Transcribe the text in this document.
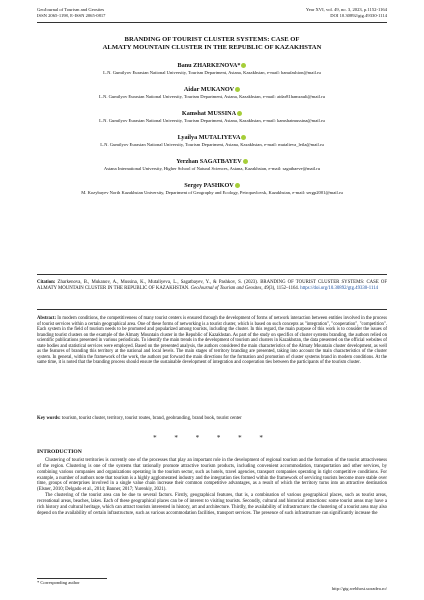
GeoJournal of Tourism and Geosites
ISSN 2065-1198, E-ISSN 2065-0817
Year XVI, vol. 49, no. 3, 2023, p.1152-1164
DOI 10.30892/gtg.49330-1114
BRANDING OF TOURIST CLUSTER SYSTEMS: CASE OF
ALMATY MOUNTAIN CLUSTER IN THE REPUBLIC OF KAZAKHSTAN
Banu ZHARKENOVA*
L.N. Gumilyov Eurasian National University, Tourism Department, Astana, Kazakhstan, e-mail: banufashion@mail.ru
Aidar MUKANOV
L.N. Gumilyov Eurasian National University, Tourism Department, Astana, Kazakhstan, e-mail: aidar81hamzauli@mail.ru
Kamshat MUSSINA
L.N. Gumilyov Eurasian National University, Tourism Department, Astana, Kazakhstan, e-mail: kamshatmussina@mail.ru
Lyailya MUTALIYEVA
L.N. Gumilyov Eurasian National University, Tourism Department, Astana, Kazakhstan, e-mail: mutalieva_leila@mail.ru
Yerzhan SAGATBAYEV
Astana International University, Higher School of Natural Sciences, Astana, Kazakhstan, e-mail: sagatbaeve@mail.ru
Sergey PASHKOV
M. Kozybayev North Kazakhstan University, Department of Geography and Ecology, Petropavlovsk, Kazakhstan, e-mail: sergp2001@mail.ru
Citation: Zharkenova, B., Mukanov, A., Mussina, K., Mutaliyeva, L., Sagatbayev, Y., & Pashkov, S. (2023). BRANDING OF TOURIST CLUSTER SYSTEMS: CASE OF ALMATY MOUNTAIN CLUSTER IN THE REPUBLIC OF KAZAKHSTAN. GeoJournal of Tourism and Geosites, 49(3), 1152–1164. https://doi.org/10.30892/gtg.49330-1114
Abstract: In modern conditions, the competitiveness of many tourist centers is ensured through the development of forms of network interaction between entities involved in the process of tourist services within a certain geographical area. One of these forms of networking is a tourist cluster, which is based on such concepts as "integration", "cooperation", "competition". Each system in the field of tourism needs to be promoted and popularized among tourists, including the cluster. In this regard, the main purpose of this work is to consider the issues of branding tourist clusters on the example of the Almaty Mountain cluster in the Republic of Kazakhstan. As part of the study on specifics of cluster systems branding, the authors relied on scientific publications presented in various periodicals. To identify the main trends in the development of tourism and clusters in Kazakhstan, the data presented on the official websites of state bodies and statistical services were employed. Based on the presented analysis, the authors considered the main characteristics of the Almaty Mountain cluster development, as well as the features of branding this territory at the national and local levels. The main stages of territory branding are presented, taking into account the main characteristics of the cluster system. In general, within the framework of the work, the authors put forward the main directions for the formation and promotion of cluster systems brand in modern conditions. At the same time, it is noted that the branding process should ensure the sustainable development of integration and cooperation ties between the participants of the tourism cluster.
Key words: tourism, tourist cluster, territory, tourist routes, brand, geobranding, brand book, tourist center
* * * * * *
INTRODUCTION

Clustering of tourist territories is currently one of the processes that play an important role in the development of regional tourism and the formation of the tourist attractiveness of the region. Clustering is one of the systems that rationally promote attractive tourism products, including convenient accommodation, transportation and other services, by combining various companies and organizations operating in the tourism sector, such as hotels, travel agencies, transport companies operating in tight competitive conditions. For example, a number of authors note that tourism is a highly agglomerated industry and the integration ties formed within the framework of servicing tourists become more stable over time, groups of enterprises involved in a single value chain increase their common competitive advantages, as a result of which the territory turns into an attractive destination (Elsner, 2010; Delgado et al., 2014; Banner, 2017; Yurenkiy, 2021).

The clustering of the tourist area can be due to several factors. Firstly, geographical features, that is, a combination of various geographical places, such as tourist areas, recreational areas, beaches, lakes. Each of these geographical places can be of interest to visiting tourists. Secondly, cultural and historical attractions: some tourist areas may have a rich history and cultural heritage, which can attract tourists interested in history, art and architecture. Thirdly, the availability of infrastructure: the clustering of a tourist area may also depend on the availability of certain infrastructure, such as various accommodation facilities, transport services. The presence of such infrastructure can significantly increase the

* Corresponding author
http://gtg.webhost.uoradea.ro/
